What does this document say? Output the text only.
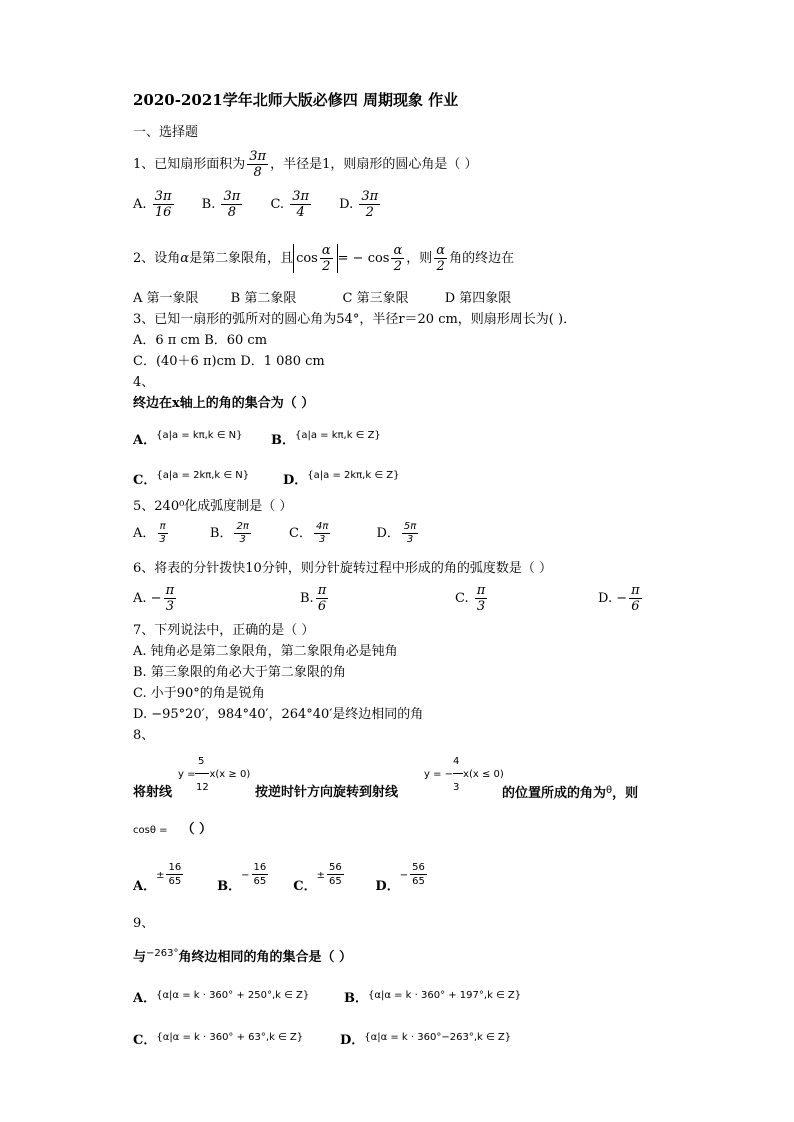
2020-2021学年北师大版必修四 周期现象 作业
一、选择题
1、已知扇形面积为 $\frac{3\pi}{8}$ ，半径是1，则扇形的圆心角是（ ）
A. $\frac{3\pi}{16} B$. $\frac{3\pi}{8} C$. $\frac{3\pi}{4} D$. $\frac{3\pi}{2}$
2、设角α是第二象限角，且 $\cos \frac{\alpha}{2}$ = − $\cos \frac{\alpha}{2}$ ，则 $\frac{\alpha}{2}$ 角的终边在
A 第一象限 B 第二象限	C 第三象限	D 第四象限
3、已知一扇形的弧所对的圆心角为54°，半径r＝20 cm，则扇形周长为( )．
A．6 π cm B．60 cm
C．(40＋6 π)cm D．1 080 cm
4、
终边在x轴上的角的集合为（ ）
A．$^{\{a|a = k\pi,k \in N\}}$ B．$^{\{a|a = k\pi,k \in Z\}}$
C．$^{\{a|a = 2k\pi,k \in N\}}$	D．$^{\{a|a = 2k\pi,k \in Z\}}$
5、240⁰化成弧度制是（ ）
A． $\frac{\pi}{3}$	B． $\frac{2\pi}{3}$	C． $\frac{4\pi}{3}$	D． $\frac{5\pi}{3}$
6、将表的分针拨快10分钟，则分针旋转过程中形成的角的弧度数是（ ）
A. − $\frac{\pi}{3}$	B. $\frac{\pi}{6}$	C. $\frac{\pi}{3}$	D. − $\frac{\pi}{6}$
7、下列说法中，正确的是（ ）
A. 钝角必是第二象限角，第二象限角必是钝角
B. 第三象限的角必大于第二象限的角
C. 小于90°的角是锐角
D. −95°20′，984°40′，264°40′是终边相同的角
8、
将射线
5
y = x(x ≥ 0)
12	按逆时针方向旋转到射线
4
y = − x(x ≤ 0)
3	的位置所成的角为$^\theta$，则
cosθ = （ ）
A．± $\frac{16}{65}$	B．− $\frac{16}{65}$ C．± $\frac{56}{65}$ D．− $\frac{56}{65}$
9、
与$^{-263^\circ}$角终边相同的角的集合是（ ）
A．$^{\{\alpha|\alpha = k \cdot 360^\circ + 250^\circ,k \in Z\}}$	B．$^{\{\alpha|\alpha = k \cdot 360^\circ + 197^\circ,k \in Z\}}$
C．$^{\{\alpha|\alpha = k \cdot 360^\circ + 63^\circ,k \in Z\}}$	D．$^{\{\alpha|\alpha = k \cdot 360^\circ-263^\circ,k \in Z\}}$
